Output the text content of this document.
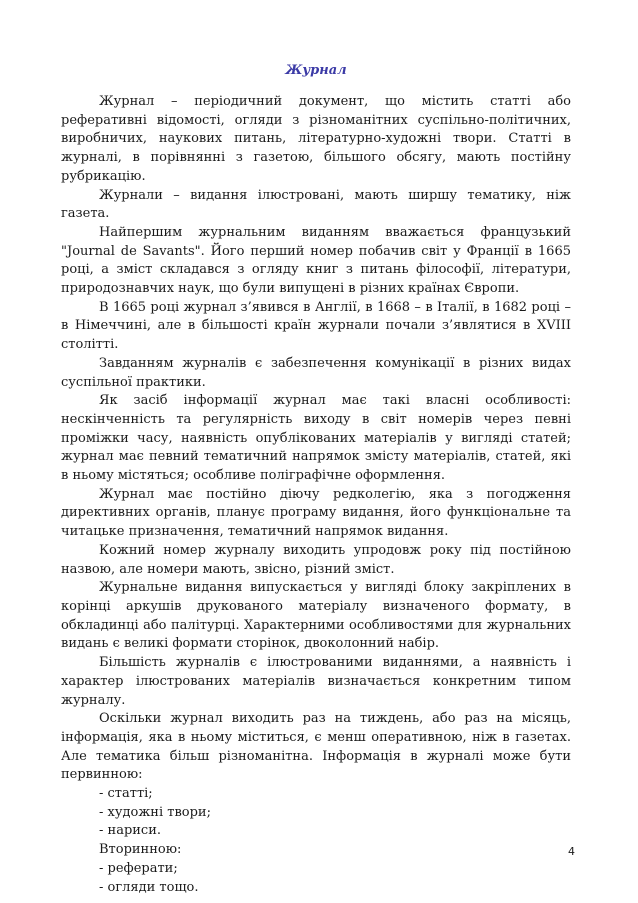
Журнал

Журнал – періодичний документ, що містить статті або реферативні відомості, огляди з різноманітних суспільно-політичних, виробничих, наукових питань, літературно-художні твори. Статті в журналі, в порівнянні з газетою, більшого обсягу, мають постійну рубрикацію.

Журнали – видання ілюстровані, мають ширшу тематику, ніж газета.

Найпершим журнальним виданням вважається французький "Journal de Savants". Його перший номер побачив світ у Франції в 1665 році, а зміст складався з огляду книг з питань філософії, літератури, природознавчих наук, що були випущені в різних країнах Європи.

В 1665 році журнал з’явився в Англії, в 1668 – в Італії, в 1682 році – в Німеччині, але в більшості країн журнали почали з’являтися в XVIII столітті.

Завданням журналів є забезпечення комунікації в різних видах суспільної практики.

Як засіб інформації журнал має такі власні особливості: нескінченність та регулярність виходу в світ номерів через певні проміжки часу, наявність опублікованих матеріалів у вигляді статей; журнал має певний тематичний напрямок змісту матеріалів, статей, які в ньому містяться; особливе поліграфічне оформлення.

Журнал має постійно діючу редколегію, яка з погодження директивних органів, планує програму видання, його функціональне та читацьке призначення, тематичний напрямок видання.

Кожний номер журналу виходить упродовж року під постійною назвою, але номери мають, звісно, різний зміст.

Журнальне видання випускається у вигляді блоку закріплених в корінці аркушів друкованого матеріалу визначеного формату, в обкладинці або палітурці. Характерними особливостями для журнальних видань є великі формати сторінок, двоколонний набір.

Більшість журналів є ілюстрованими виданнями, а наявність і характер ілюстрованих матеріалів визначається конкретним типом журналу.

Оскільки журнал виходить раз на тиждень, або раз на місяць, інформація, яка в ньому міститься, є менш оперативною, ніж в газетах. Але тематика більш різноманітна. Інформація в журналі може бути первинною:

- статті;
- художні твори;
- нариси.
Вторинною:
- реферати;
- огляди тощо.
4
